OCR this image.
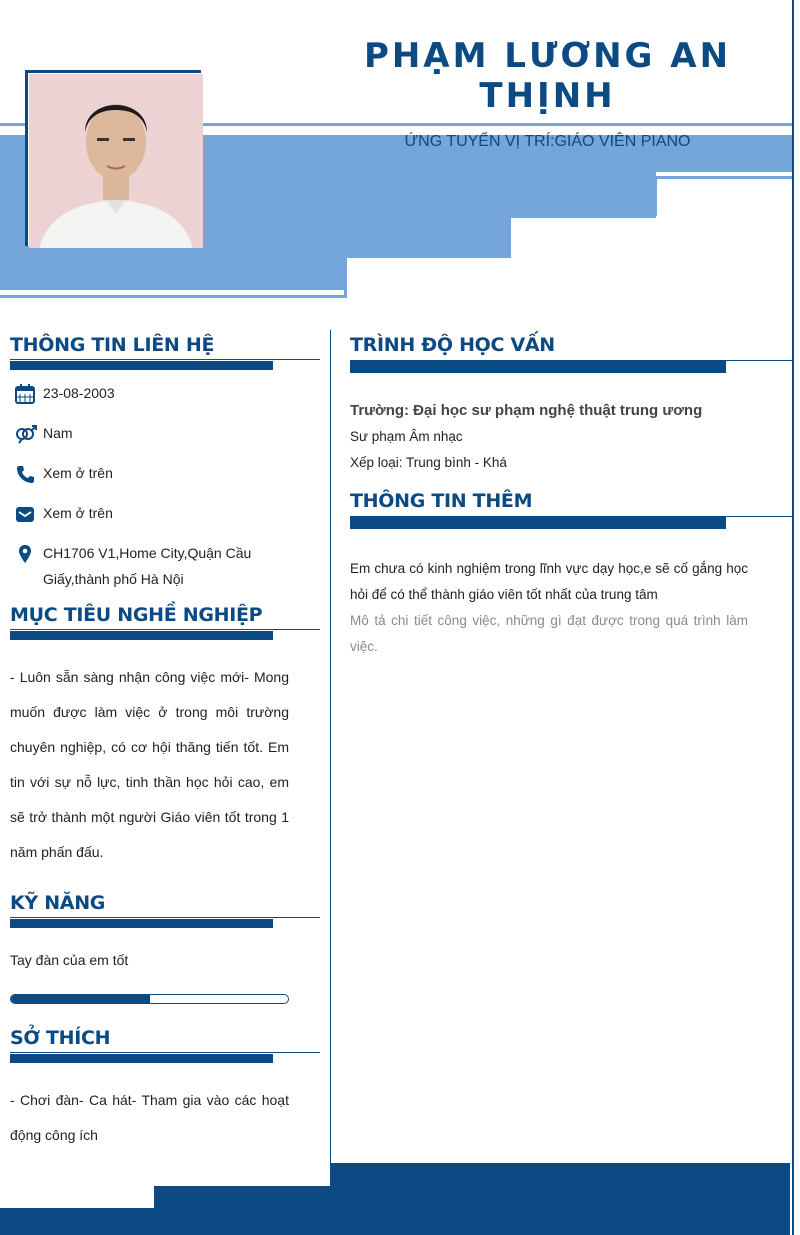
PHẠM LƯƠNG AN THỊNH
ỨNG TUYỂN VỊ TRÍ:GIÁO VIÊN PIANO
THÔNG TIN LIÊN HỆ
23-08-2003
Nam
Xem ở trên
Xem ở trên
CH1706 V1,Home City,Quận Cầu Giấy,thành phố Hà Nội
MỤC TIÊU NGHỀ NGHIỆP
- Luôn sẵn sàng nhận công việc mới- Mong muốn được làm việc ở trong môi trường chuyên nghiệp, có cơ hội thăng tiến tốt. Em tin với sự nỗ lực, tinh thần học hỏi cao, em sẽ trở thành một người Giáo viên tốt trong 1 năm phấn đấu.
KỸ NĂNG
Tay đàn của em tốt
SỞ THÍCH
- Chơi đàn- Ca hát- Tham gia vào các hoạt động công ích
TRÌNH ĐỘ HỌC VẤN
Trường: Đại học sư phạm nghệ thuật trung ương
Sư phạm Âm nhạc
Xếp loại: Trung bình - Khá
THÔNG TIN THÊM
Em chưa có kinh nghiệm trong lĩnh vực dạy học,e sẽ cố gắng học hỏi để có thể thành giáo viên tốt nhất của trung tâm
Mô tả chi tiết công việc, những gì đạt được trong quá trình làm việc.
